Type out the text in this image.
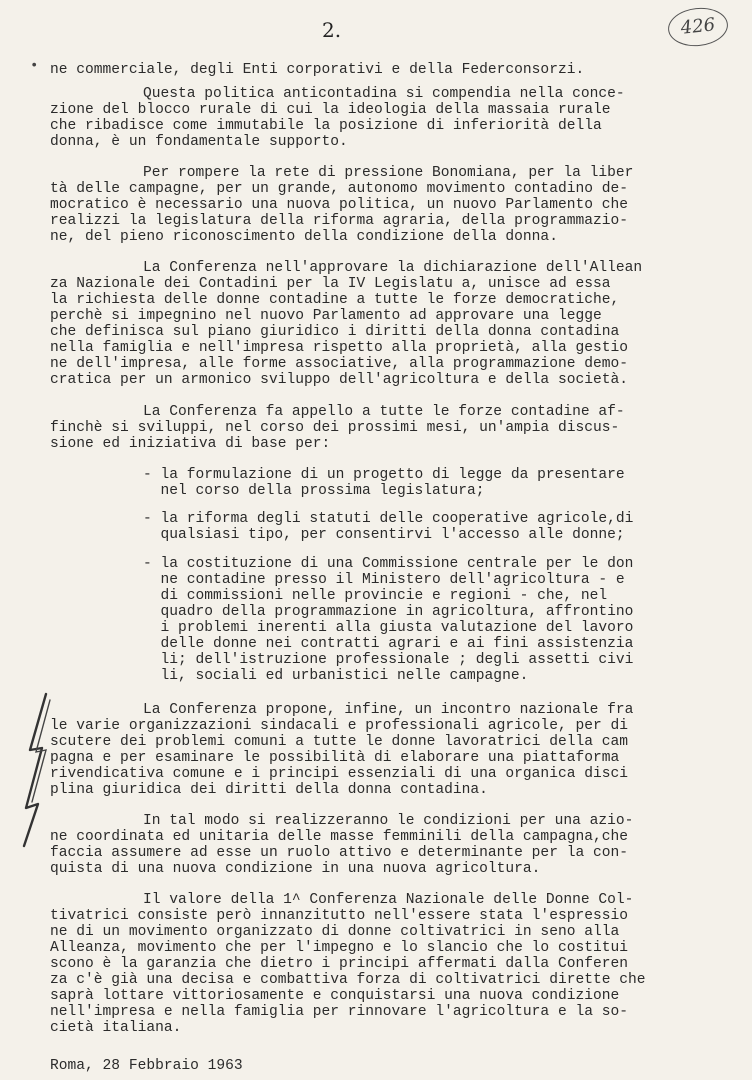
2.	426
• ne commerciale, degli Enti corporativi e della Federconsorzi.
Questa politica anticontadina si compendia nella conce-
zione del blocco rurale di cui la ideologia della massaia rurale
che ribadisce come immutabile la posizione di inferiorità della
donna, è un fondamentale supporto.
Per rompere la rete di pressione Bonomiana, per la liber
tà delle campagne, per un grande, autonomo movimento contadino de-
mocratico è necessario una nuova politica, un nuovo Parlamento che
realizzi la legislatura della riforma agraria, della programmazio-
ne, del pieno riconoscimento della condizione della donna.
La Conferenza nell'approvare la dichiarazione dell'Allean
za Nazionale dei Contadini per la IV Legislatu a, unisce ad essa
la richiesta delle donne contadine a tutte le forze democratiche,
perchè si impegnino nel nuovo Parlamento ad approvare una legge
che definisca sul piano giuridico i diritti della donna contadina
nella famiglia e nell'impresa rispetto alla proprietà, alla gestio
ne dell'impresa, alle forme associative, alla programmazione demo-
cratica per un armonico sviluppo dell'agricoltura e della società.
La Conferenza fa appello a tutte le forze contadine af-
finchè si sviluppi, nel corso dei prossimi mesi, un'ampia discus-
sione ed iniziativa di base per:
- la formulazione di un progetto di legge da presentare
nel corso della prossima legislatura;
- la riforma degli statuti delle cooperative agricole,di
qualsiasi tipo, per consentirvi l'accesso alle donne;
- la costituzione di una Commissione centrale per le don
ne contadine presso il Ministero dell'agricoltura - e
di commissioni nelle provincie e regioni - che, nel
quadro della programmazione in agricoltura, affrontino
i problemi inerenti alla giusta valutazione del lavoro
delle donne nei contratti agrari e ai fini assistenzia
li; dell'istruzione professionale ; degli assetti civi
li, sociali ed urbanistici nelle campagne.
La Conferenza propone, infine, un incontro nazionale fra
le varie organizzazioni sindacali e professionali agricole, per di
scutere dei problemi comuni a tutte le donne lavoratrici della cam
pagna e per esaminare le possibilità di elaborare una piattaforma
rivendicativa comune e i principi essenziali di una organica disci
plina giuridica dei diritti della donna contadina.
In tal modo si realizzeranno le condizioni per una azio-
ne coordinata ed unitaria delle masse femminili della campagna,che
faccia assumere ad esse un ruolo attivo e determinante per la con-
quista di una nuova condizione in una nuova agricoltura.
Il valore della 1^ Conferenza Nazionale delle Donne Col-
tivatrici consiste però innanzitutto nell'essere stata l'espressio
ne di un movimento organizzato di donne coltivatrici in seno alla
Alleanza, movimento che per l'impegno e lo slancio che lo costitui
scono è la garanzia che dietro i principi affermati dalla Conferen
za c'è già una decisa e combattiva forza di coltivatrici dirette che
saprà lottare vittoriosamente e conquistarsi una nuova condizione
nell'impresa e nella famiglia per rinnovare l'agricoltura e la so-
cietà italiana.
Roma, 28 Febbraio 1963
